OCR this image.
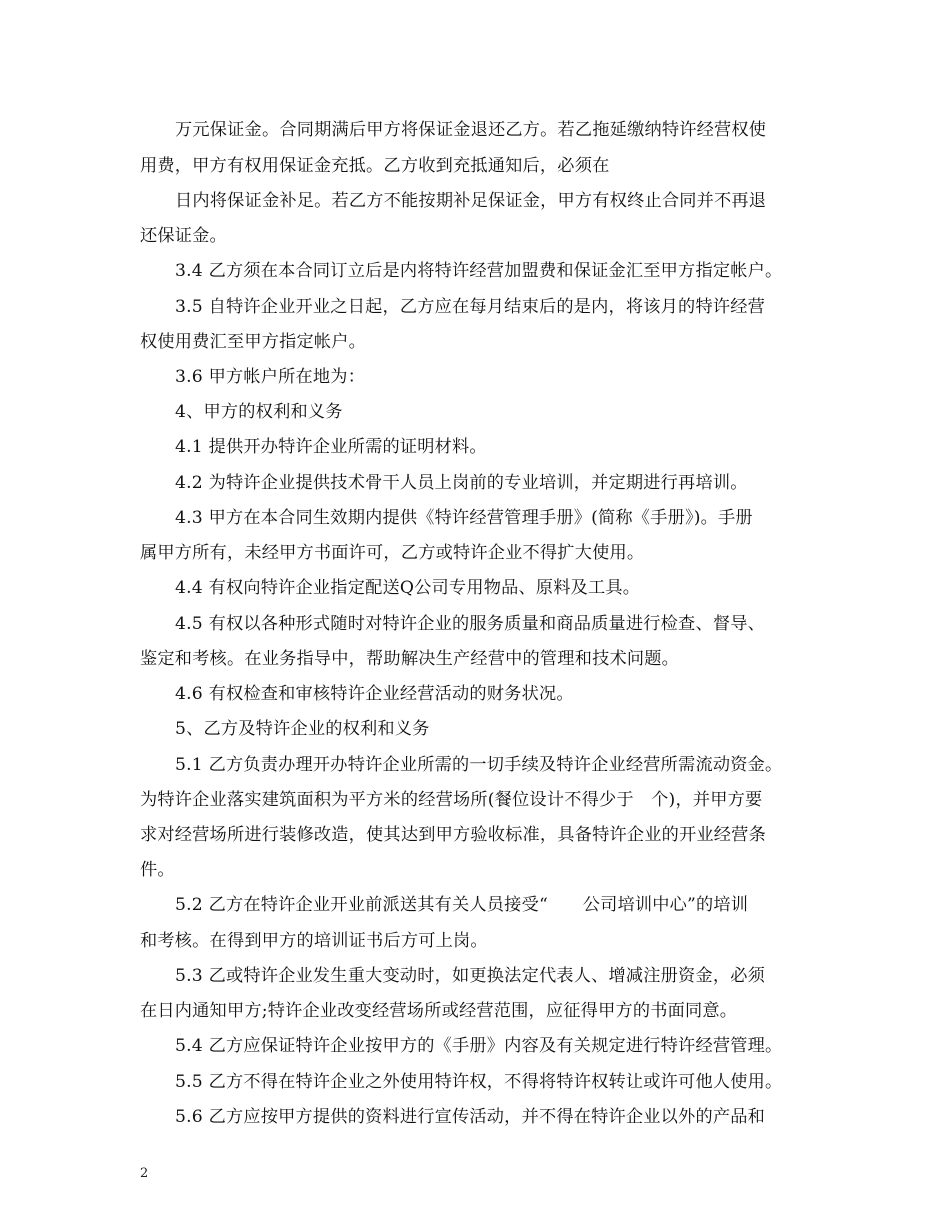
万元保证金。合同期满后甲方将保证金退还乙方。若乙拖延缴纳特许经营权使
用费，甲方有权用保证金充抵。乙方收到充抵通知后，必须在
日内将保证金补足。若乙方不能按期补足保证金，甲方有权终止合同并不再退
还保证金。
3.4 乙方须在本合同订立后是内将特许经营加盟费和保证金汇至甲方指定帐户。
3.5 自特许企业开业之日起，乙方应在每月结束后的是内，将该月的特许经营
权使用费汇至甲方指定帐户。
3.6 甲方帐户所在地为：
4、甲方的权利和义务
4.1 提供开办特许企业所需的证明材料。
4.2 为特许企业提供技术骨干人员上岗前的专业培训，并定期进行再培训。
4.3 甲方在本合同生效期内提供《特许经营管理手册》(简称《手册》)。手册
属甲方所有，未经甲方书面许可，乙方或特许企业不得扩大使用。
4.4 有权向特许企业指定配送Q公司专用物品、原料及工具。
4.5 有权以各种形式随时对特许企业的服务质量和商品质量进行检查、督导、
鉴定和考核。在业务指导中，帮助解决生产经营中的管理和技术问题。
4.6 有权检查和审核特许企业经营活动的财务状况。
5、乙方及特许企业的权利和义务
5.1 乙方负责办理开办特许企业所需的一切手续及特许企业经营所需流动资金。
为特许企业落实建筑面积为平方米的经营场所(餐位设计不得少于　个)，并甲方要
求对经营场所进行装修改造，使其达到甲方验收标准，具备特许企业的开业经营条
件。
5.2 乙方在特许企业开业前派送其有关人员接受“　　公司培训中心”的培训
和考核。在得到甲方的培训证书后方可上岗。
5.3 乙或特许企业发生重大变动时，如更换法定代表人、增减注册资金，必须
在日内通知甲方;特许企业改变经营场所或经营范围，应征得甲方的书面同意。
5.4 乙方应保证特许企业按甲方的《手册》内容及有关规定进行特许经营管理。
5.5 乙方不得在特许企业之外使用特许权，不得将特许权转让或许可他人使用。
5.6 乙方应按甲方提供的资料进行宣传活动，并不得在特许企业以外的产品和
2
